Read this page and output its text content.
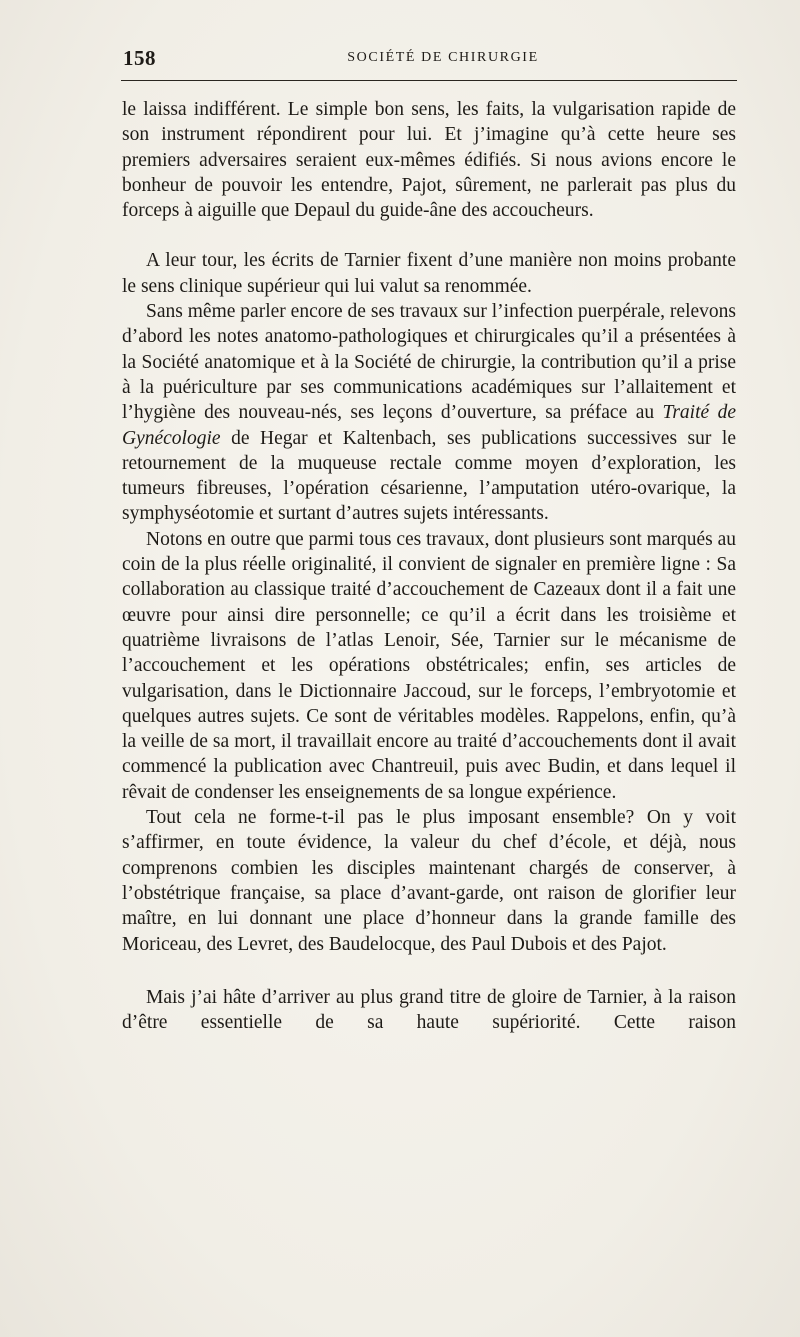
158	SOCIÉTÉ DE CHIRURGIE

le laissa indifférent. Le simple bon sens, les faits, la vulgarisation rapide de son instrument répondirent pour lui. Et j’imagine qu’à cette heure ses premiers adversaires seraient eux-mêmes édifiés. Si nous avions encore le bonheur de pouvoir les entendre, Pajot, sûrement, ne parlerait pas plus du forceps à aiguille que Depaul du guide-âne des accoucheurs.

A leur tour, les écrits de Tarnier fixent d’une manière non moins probante le sens clinique supérieur qui lui valut sa renommée.

Sans même parler encore de ses travaux sur l’infection puerpérale, relevons d’abord les notes anatomo-pathologiques et chirurgicales qu’il a présentées à la Société anatomique et à la Société de chirurgie, la contribution qu’il a prise à la puériculture par ses communications académiques sur l’allaitement et l’hygiène des nouveau-nés, ses leçons d’ouverture, sa préface au Traité de Gynécologie de Hegar et Kaltenbach, ses publications successives sur le retournement de la muqueuse rectale comme moyen d’exploration, les tumeurs fibreuses, l’opération césarienne, l’amputation utéro-ovarique, la symphyséotomie et surtant d’autres sujets intéressants.

Notons en outre que parmi tous ces travaux, dont plusieurs sont marqués au coin de la plus réelle originalité, il convient de signaler en première ligne : Sa collaboration au classique traité d’accouchement de Cazeaux dont il a fait une œuvre pour ainsi dire personnelle; ce qu’il a écrit dans les troisième et quatrième livraisons de l’atlas Lenoir, Sée, Tarnier sur le mécanisme de l’accouchement et les opérations obstétricales; enfin, ses articles de vulgarisation, dans le Dictionnaire Jaccoud, sur le forceps, l’embryotomie et quelques autres sujets. Ce sont de véritables modèles. Rappelons, enfin, qu’à la veille de sa mort, il travaillait encore au traité d’accouchements dont il avait commencé la publication avec Chantreuil, puis avec Budin, et dans lequel il rêvait de condenser les enseignements de sa longue expérience.

Tout cela ne forme-t-il pas le plus imposant ensemble? On y voit s’affirmer, en toute évidence, la valeur du chef d’école, et déjà, nous comprenons combien les disciples maintenant chargés de conserver, à l’obstétrique française, sa place d’avant-garde, ont raison de glorifier leur maître, en lui donnant une place d’honneur dans la grande famille des Moriceau, des Levret, des Baudelocque, des Paul Dubois et des Pajot.

Mais j’ai hâte d’arriver au plus grand titre de gloire de Tarnier, à la raison d’être essentielle de sa haute supériorité. Cette raison
